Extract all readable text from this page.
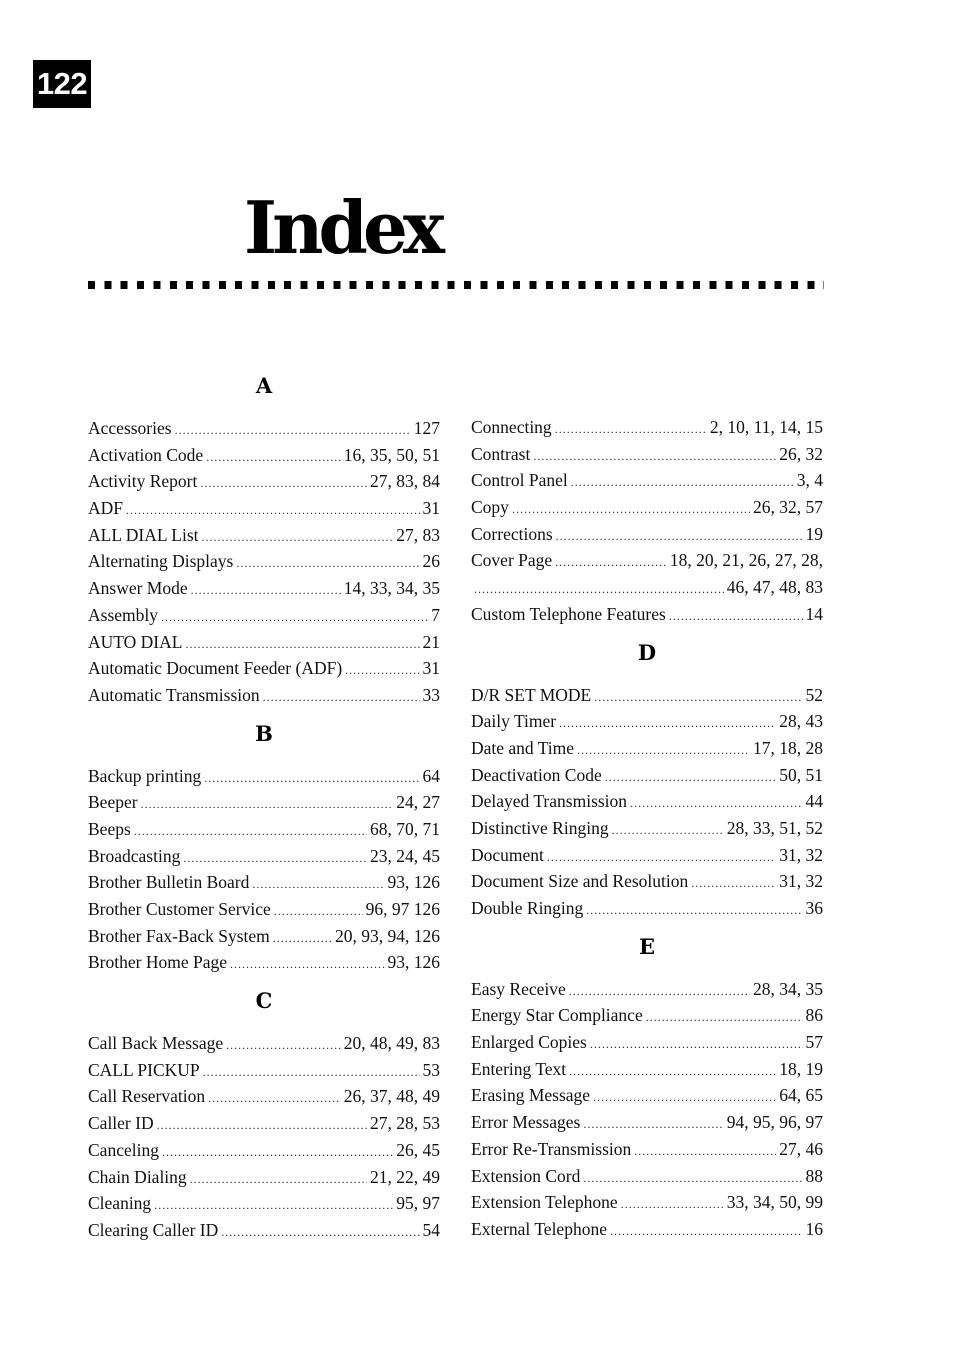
122
Index
A
Accessories .....	127
Activation Code .....	16, 35, 50, 51
Activity Report .....	27, 83, 84
ADF .....	31
ALL DIAL List .....	27, 83
Alternating Displays .....	26
Answer Mode .....	14, 33, 34, 35
Assembly .....	7
AUTO DIAL .....	21
Automatic Document Feeder (ADF) .....	31
Automatic Transmission .....	33
B
Backup printing .....	64
Beeper .....	24, 27
Beeps .....	68, 70, 71
Broadcasting .....	23, 24, 45
Brother Bulletin Board .....	93, 126
Brother Customer Service .....	96, 97 126
Brother Fax-Back System .....	20, 93, 94, 126
Brother Home Page .....	93, 126
C
Call Back Message .....	20, 48, 49, 83
CALL PICKUP .....	53
Call Reservation .....	26, 37, 48, 49
Caller ID .....	27, 28, 53
Canceling .....	26, 45
Chain Dialing .....	21, 22, 49
Cleaning .....	95, 97
Clearing Caller ID .....	54
Connecting .....	2, 10, 11, 14, 15
Contrast .....	26, 32
Control Panel .....	3, 4
Copy .....	26, 32, 57
Corrections .....	19
Cover Page .....	18, 20, 21, 26, 27, 28,
.....
46, 47, 48, 83
Custom Telephone Features .....	14
D
D/R SET MODE .....	52
Daily Timer .....	28, 43
Date and Time .....	17, 18, 28
Deactivation Code .....	50, 51
Delayed Transmission .....	44
Distinctive Ringing .....	28, 33, 51, 52
Document .....	31, 32
Document Size and Resolution .....	31, 32
Double Ringing .....	36
E
Easy Receive .....	28, 34, 35
Energy Star Compliance .....	86
Enlarged Copies .....	57
Entering Text .....	18, 19
Erasing Message .....	64, 65
Error Messages .....	94, 95, 96, 97
Error Re-Transmission .....	27, 46
Extension Cord .....	88
Extension Telephone .....	33, 34, 50, 99
External Telephone .....	16
